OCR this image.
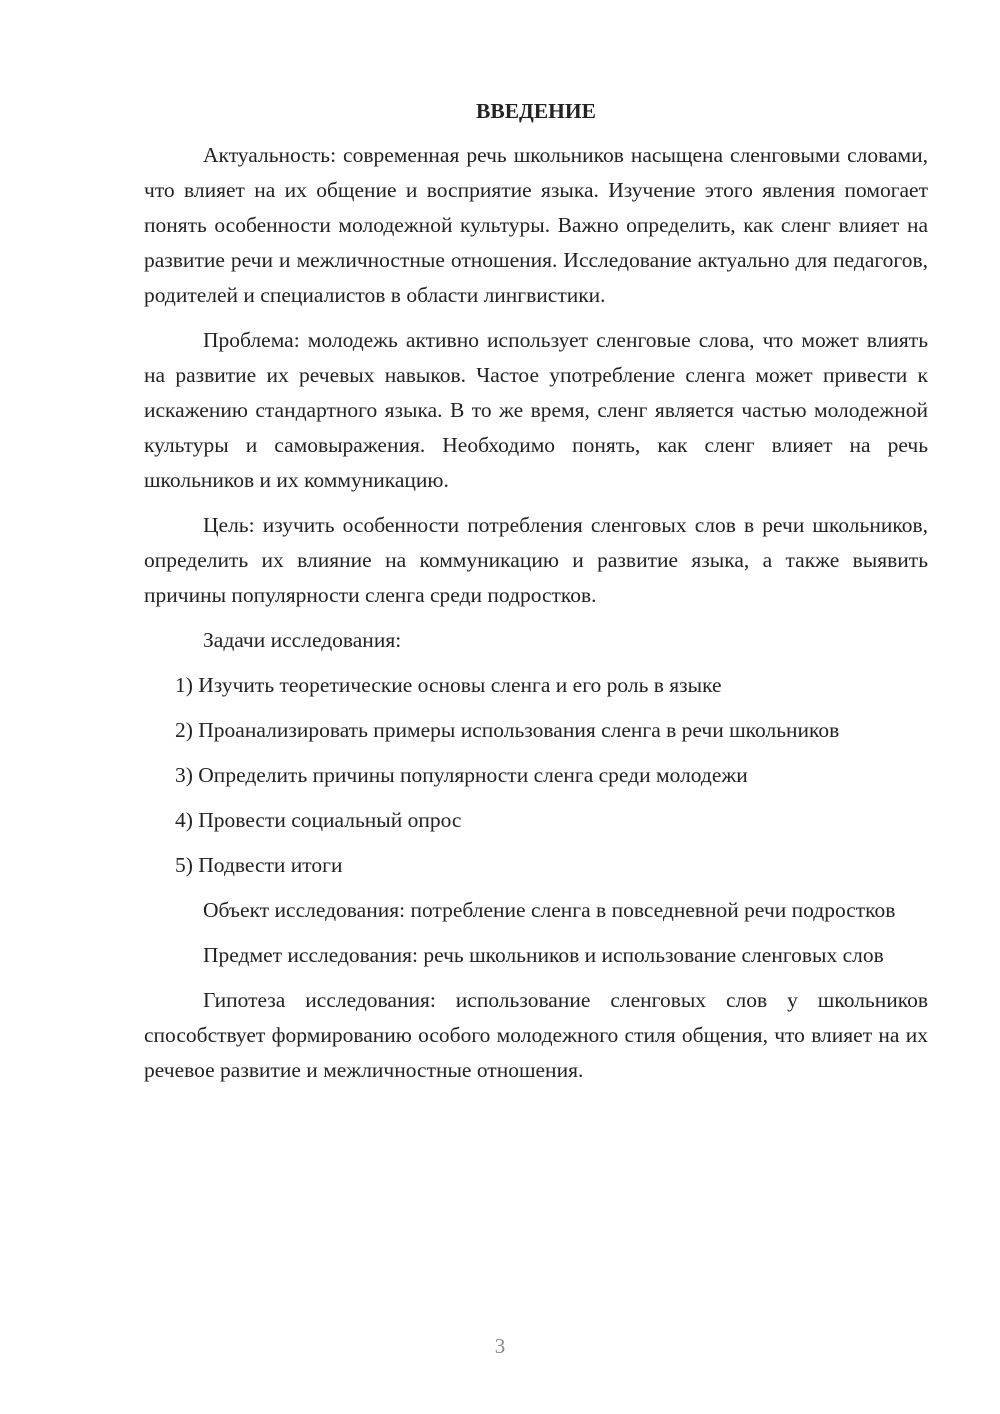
ВВЕДЕНИЕ

Актуальность: современная речь школьников насыщена сленговыми словами, что влияет на их общение и восприятие языка. Изучение этого явления помогает понять особенности молодежной культуры. Важно определить, как сленг влияет на развитие речи и межличностные отношения. Исследование актуально для педагогов, родителей и специалистов в области лингвистики.

Проблема: молодежь активно использует сленговые слова, что может влиять на развитие их речевых навыков. Частое употребление сленга может привести к искажению стандартного языка. В то же время, сленг является частью молодежной культуры и самовыражения. Необходимо понять, как сленг влияет на речь школьников и их коммуникацию.

Цель: изучить особенности потребления сленговых слов в речи школьников, определить их влияние на коммуникацию и развитие языка, а также выявить причины популярности сленга среди подростков.

Задачи исследования:

1) Изучить теоретические основы сленга и его роль в языке

2) Проанализировать примеры использования сленга в речи школьников

3) Определить причины популярности сленга среди молодежи

4) Провести социальный опрос

5) Подвести итоги

Объект исследования: потребление сленга в повседневной речи подростков

Предмет исследования: речь школьников и использование сленговых слов

Гипотеза исследования: использование сленговых слов у школьников способствует формированию особого молодежного стиля общения, что влияет на их речевое развитие и межличностные отношения.

3
